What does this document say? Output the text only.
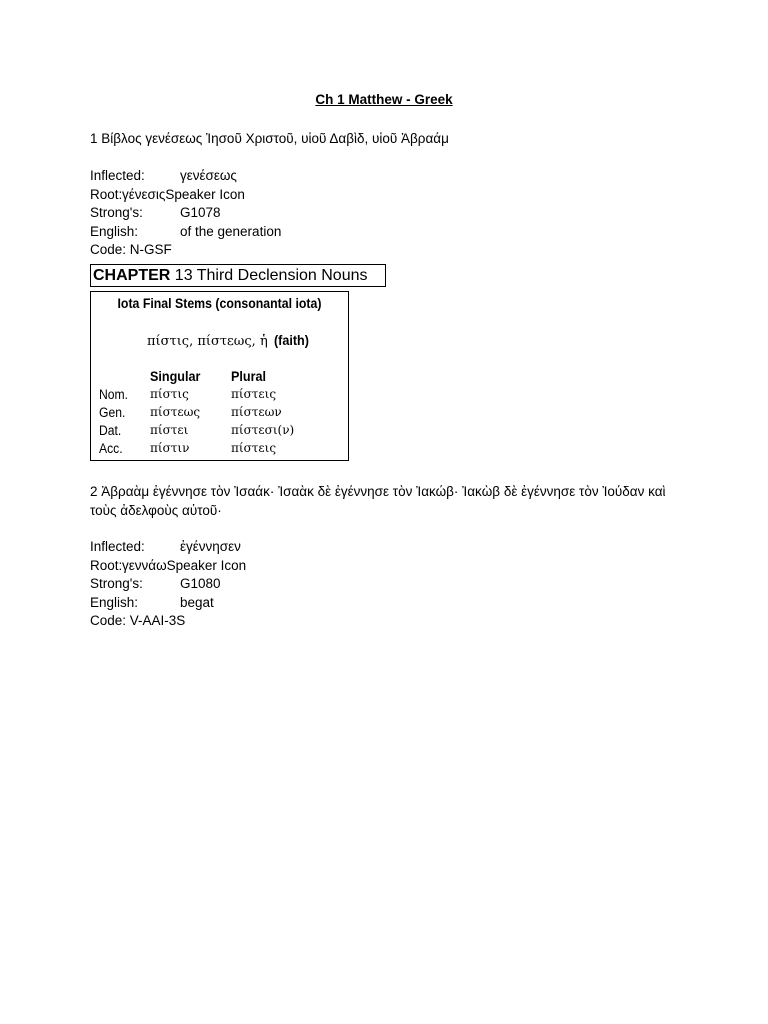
Ch 1 Matthew - Greek
1 Βίβλος γενέσεως Ἰησοῦ Χριστοῦ, υἱοῦ Δαβὶδ, υἱοῦ Ἀβραάμ
Inflected:	γενέσεως
Root:γένεσιςSpeaker Icon
Strong's:	G1078
English:	of the generation
Code: N-GSF
CHAPTER 13 Third Declension Nouns
Iota Final Stems (consonantal iota)
πίστις, πίστεως, ἡ (faith)
Singular Plural
Nom. πίστις	πίστεις
Gen. πίστεως	πίστεων
Dat. πίστει	πίστεσι(ν)
Acc. πίστιν	πίστεις
2 Ἀβραὰμ ἐγέννησε τὸν Ἰσαάκ· Ἰσαὰκ δὲ ἐγέννησε τὸν Ἰακώβ· Ἰακὼβ δὲ ἐγέννησε τὸν Ἰούδαν καὶ τοὺς ἀδελφοὺς αὐτοῦ·
Inflected:	ἐγέννησεν
Root:γεννάωSpeaker Icon
Strong's:	G1080
English:	begat
Code: V-AAI-3S
